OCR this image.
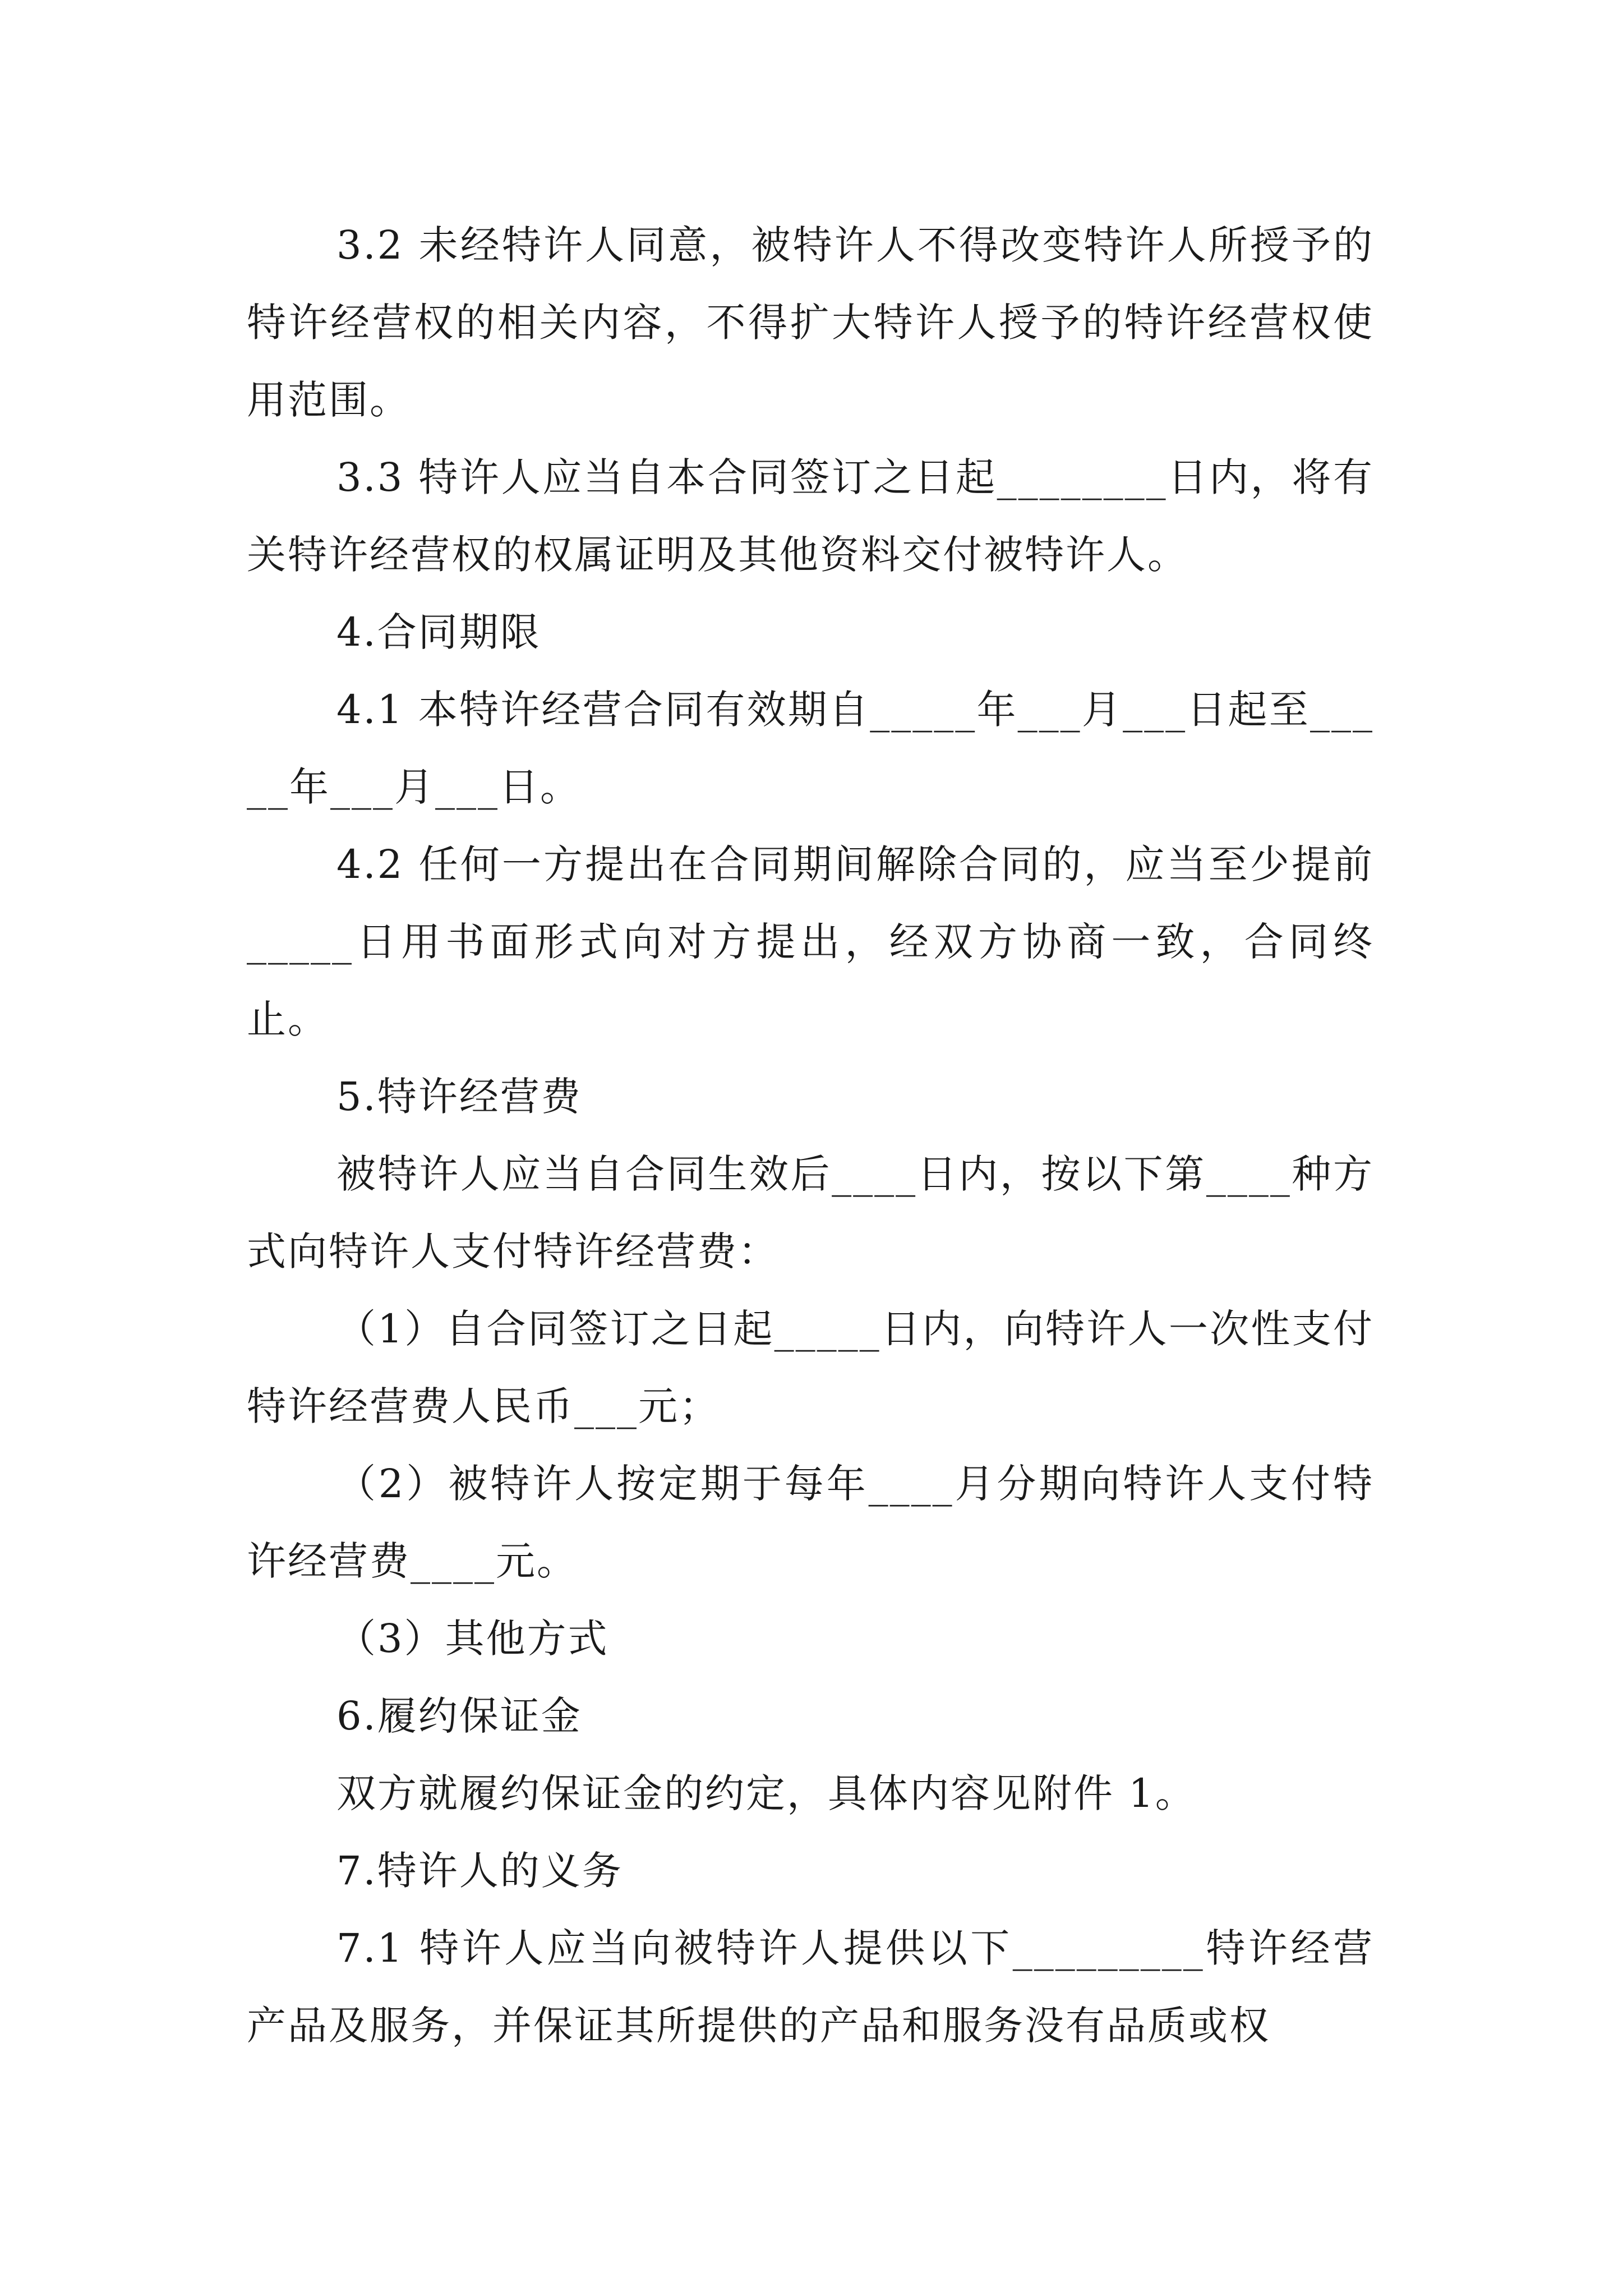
3.2 未经特许人同意，被特许人不得改变特许人所授予的特许经营权的相关内容，不得扩大特许人授予的特许经营权使用范围。

3.3 特许人应当自本合同签订之日起________日内，将有关特许经营权的权属证明及其他资料交付被特许人。

4.合同期限

4.1 本特许经营合同有效期自_____年___月___日起至_____年___月___日。

4.2 任何一方提出在合同期间解除合同的，应当至少提前_____日用书面形式向对方提出，经双方协商一致，合同终止。

5.特许经营费

被特许人应当自合同生效后____日内，按以下第____种方式向特许人支付特许经营费：

（1）自合同签订之日起_____日内，向特许人一次性支付特许经营费人民币___元；

（2）被特许人按定期于每年____月分期向特许人支付特许经营费____元。

（3）其他方式

6.履约保证金

双方就履约保证金的约定，具体内容见附件 1。

7.特许人的义务

7.1 特许人应当向被特许人提供以下_________特许经营产品及服务，并保证其所提供的产品和服务没有品质或权
